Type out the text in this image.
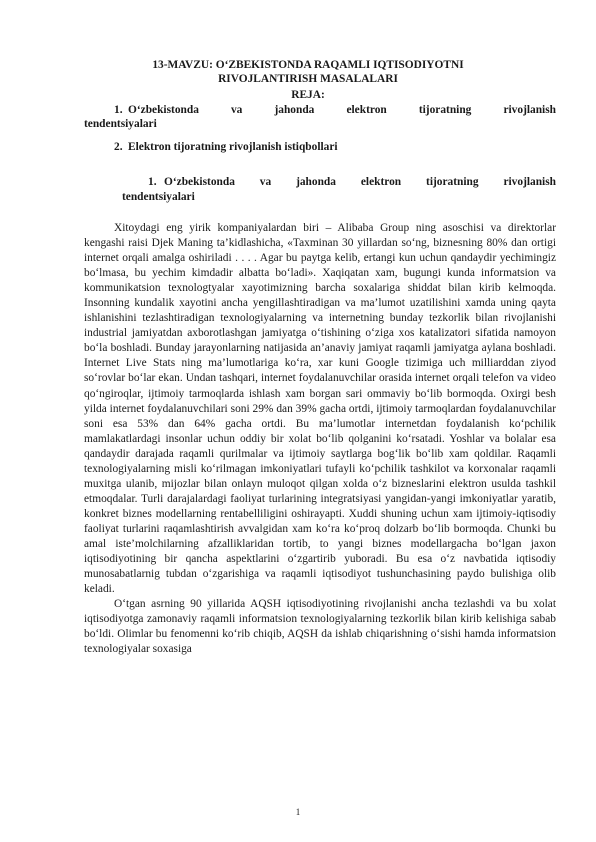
13-MAVZU: O‘ZBEKISTONDA RAQAMLI IQTISODIYOTNI
RIVOJLANTIRISH MASALALARI
REJA:
1. O‘zbekistonda va jahonda elektron tijoratning rivojlanish
tendentsiyalari
2. Elektron tijoratning rivojlanish istiqbollari
1. O‘zbekistonda va jahonda elektron tijoratning rivojlanish
tendentsiyalari

Xitoydagi eng yirik kompaniyalardan biri – Alibaba Group ning asoschisi va direktorlar kengashi raisi Djek Maning ta’kidlashicha, «Taxminan 30 yillardan so‘ng, biznesning 80% dan ortigi internet orqali amalga oshiriladi . . . . Agar bu paytga kelib, ertangi kun uchun qandaydir yechimingiz bo‘lmasa, bu yechim kimdadir albatta bo‘ladi». Xaqiqatan xam, bugungi kunda informatsion va kommunikatsion texnologtyalar xayotimizning barcha soxalariga shiddat bilan kirib kelmoqda. Insonning kundalik xayotini ancha yengillashtiradigan va ma’lumot uzatilishini xamda uning qayta ishlanishini tezlashtiradigan texnologiyalarning va internetning bunday tezkorlik bilan rivojlanishi industrial jamiyatdan axborotlashgan jamiyatga o‘tishining o‘ziga xos katalizatori sifatida namoyon bo‘la boshladi. Bunday jarayonlarning natijasida an’anaviy jamiyat raqamli jamiyatga aylana boshladi. Internet Live Stats ning ma’lumotlariga ko‘ra, xar kuni Google tizimiga uch milliarddan ziyod so‘rovlar bo‘lar ekan. Undan tashqari, internet foydalanuvchilar orasida internet orqali telefon va video qo‘ngiroqlar, ijtimoiy tarmoqlarda ishlash xam borgan sari ommaviy bo‘lib bormoqda. Oxirgi besh yilda internet foydalanuvchilari soni 29% dan 39% gacha ortdi, ijtimoiy tarmoqlardan foydalanuvchilar soni esa 53% dan 64% gacha ortdi. Bu ma’lumotlar internetdan foydalanish ko‘pchilik mamlakatlardagi insonlar uchun oddiy bir xolat bo‘lib qolganini ko‘rsatadi. Yoshlar va bolalar esa qandaydir darajada raqamli qurilmalar va ijtimoiy saytlarga bog‘lik bo‘lib xam qoldilar. Raqamli texnologiyalarning misli ko‘rilmagan imkoniyatlari tufayli ko‘pchilik tashkilot va korxonalar raqamli muxitga ulanib, mijozlar bilan onlayn muloqot qilgan xolda o‘z bizneslarini elektron usulda tashkil etmoqdalar. Turli darajalardagi faoliyat turlarining integratsiyasi yangidan-yangi imkoniyatlar yaratib, konkret biznes modellarning rentabelliligini oshirayapti. Xuddi shuning uchun xam ijtimoiy-iqtisodiy faoliyat turlarini raqamlashtirish avvalgidan xam ko‘ra ko‘proq dolzarb bo‘lib bormoqda. Chunki bu amal iste’molchilarning afzalliklaridan tortib, to yangi biznes modellargacha bo‘lgan jaxon iqtisodiyotining bir qancha aspektlarini o‘zgartirib yuboradi. Bu esa o‘z navbatida iqtisodiy munosabatlarnig tubdan o‘zgarishiga va raqamli iqtisodiyot tushunchasining paydo bulishiga olib keladi.

O‘tgan asrning 90 yillarida AQSH iqtisodiyotining rivojlanishi ancha tezlashdi va bu xolat iqtisodiyotga zamonaviy raqamli informatsion texnologiyalarning tezkorlik bilan kirib kelishiga sabab bo‘ldi. Olimlar bu fenomenni ko‘rib chiqib, AQSH da ishlab chiqarishning o‘sishi hamda informatsion texnologiyalar soxasiga

1
